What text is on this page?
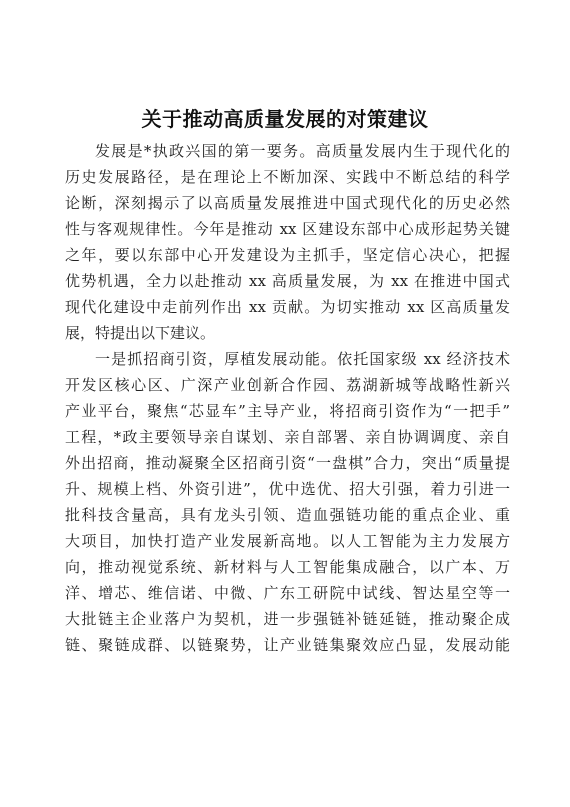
关于推动高质量发展的对策建议
发展是*执政兴国的第一要务。高质量发展内生于现代化的
历史发展路径，是在理论上不断加深、实践中不断总结的科学
论断，深刻揭示了以高质量发展推进中国式现代化的历史必然
性与客观规律性。今年是推动 xx 区建设东部中心成形起势关键
之年，要以东部中心开发建设为主抓手，坚定信心决心，把握
优势机遇，全力以赴推动 xx 高质量发展，为 xx 在推进中国式
现代化建设中走前列作出 xx 贡献。为切实推动 xx 区高质量发
展，特提出以下建议。
一是抓招商引资，厚植发展动能。依托国家级 xx 经济技术
开发区核心区、广深产业创新合作园、荔湖新城等战略性新兴
产业平台，聚焦“芯显车”主导产业，将招商引资作为“一把手”
工程，*政主要领导亲自谋划、亲自部署、亲自协调调度、亲自
外出招商，推动凝聚全区招商引资“一盘棋”合力，突出“质量提
升、规模上档、外资引进”，优中选优、招大引强，着力引进一
批科技含量高，具有龙头引领、造血强链功能的重点企业、重
大项目，加快打造产业发展新高地。以人工智能为主力发展方
向，推动视觉系统、新材料与人工智能集成融合，以广本、万
洋、增芯、维信诺、中微、广东工研院中试线、智达星空等一
大批链主企业落户为契机，进一步强链补链延链，推动聚企成
链、聚链成群、以链聚势，让产业链集聚效应凸显，发展动能
